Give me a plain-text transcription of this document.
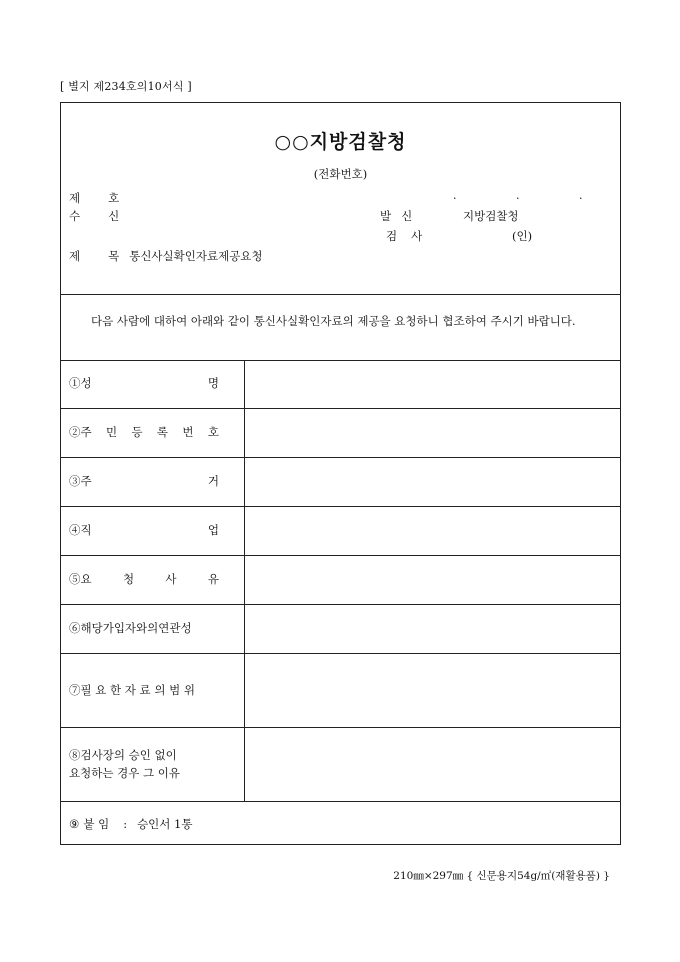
[ 별지 제234호의10서식 ]
○○지방검찰청
(전화번호)
. . .
제 호
수 신	발 신	지방검찰청
검 사	(인)
제 목 통신사실확인자료제공요청
다음 사람에 대하여 아래와 같이 통신사실확인자료의 제공을 요청하니 협조하여 주시기 바랍니다.
①성	명
②주 민 등 록 번 호
③주	거
④직	업
⑤요	청	사	유
⑥해당가입자와의연관성
⑦필 요 한 자 료 의 범 위
⑧검사장의 승인 없이
요청하는 경우 그 이유
⑨ 붙 임 : 승인서 1통
210㎜×297㎜ { 신문용지54g/㎡(재활용품) }
